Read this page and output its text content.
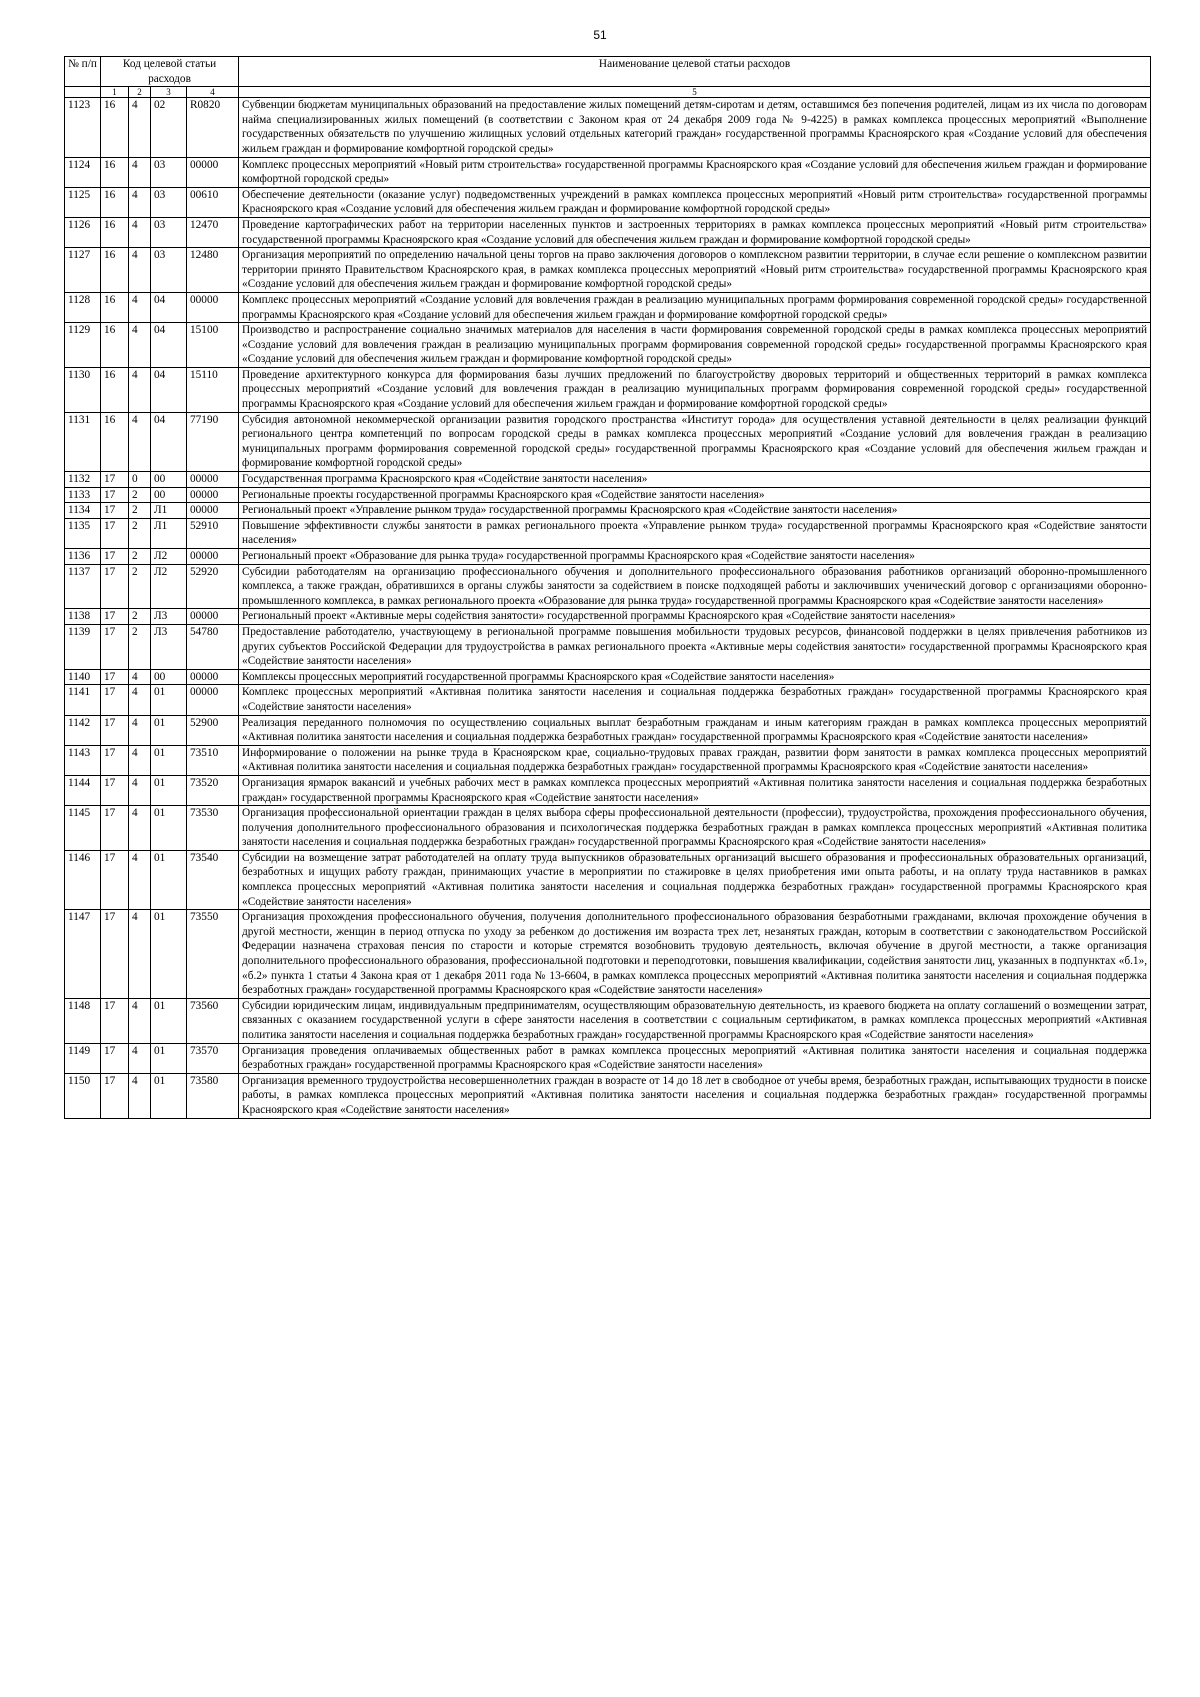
51
№ п/п	Код целевой статьи расходов				Наименование целевой статьи расходов

	1	2	3	4	5
1123	16	4	02	R0820	Субвенции бюджетам муниципальных образований на предоставление жилых помещений детям-сиротам и детям, оставшимся без попечения родителей, лицам из их числа по договорам найма специализированных жилых помещений (в соответствии с Законом края от 24 декабря 2009 года № 9-4225) в рамках комплекса процессных мероприятий «Выполнение государственных обязательств по улучшению жилищных условий отдельных категорий граждан» государственной программы Красноярского края «Создание условий для обеспечения жильем граждан и формирование комфортной городской среды»
1124	16	4	03	00000	Комплекс процессных мероприятий «Новый ритм строительства» государственной программы Красноярского края «Создание условий для обеспечения жильем граждан и формирование комфортной городской среды»
1125	16	4	03	00610	Обеспечение деятельности (оказание услуг) подведомственных учреждений в рамках комплекса процессных мероприятий «Новый ритм строительства» государственной программы Красноярского края «Создание условий для обеспечения жильем граждан и формирование комфортной городской среды»
1126	16	4	03	12470	Проведение картографических работ на территории населенных пунктов и застроенных территориях в рамках комплекса процессных мероприятий «Новый ритм строительства» государственной программы Красноярского края «Создание условий для обеспечения жильем граждан и формирование комфортной городской среды»
1127	16	4	03	12480	Организация мероприятий по определению начальной цены торгов на право заключения договоров о комплексном развитии территории, в случае если решение о комплексном развитии территории принято Правительством Красноярского края, в рамках комплекса процессных мероприятий «Новый ритм строительства» государственной программы Красноярского края «Создание условий для обеспечения жильем граждан и формирование комфортной городской среды»
1128	16	4	04	00000	Комплекс процессных мероприятий «Создание условий для вовлечения граждан в реализацию муниципальных программ формирования современной городской среды» государственной программы Красноярского края «Создание условий для обеспечения жильем граждан и формирование комфортной городской среды»
1129	16	4	04	15100	Производство и распространение социально значимых материалов для населения в части формирования современной городской среды в рамках комплекса процессных мероприятий «Создание условий для вовлечения граждан в реализацию муниципальных программ формирования современной городской среды» государственной программы Красноярского края «Создание условий для обеспечения жильем граждан и формирование комфортной городской среды»
1130	16	4	04	15110	Проведение архитектурного конкурса для формирования базы лучших предложений по благоустройству дворовых территорий и общественных территорий в рамках комплекса процессных мероприятий «Создание условий для вовлечения граждан в реализацию муниципальных программ формирования современной городской среды» государственной программы Красноярского края «Создание условий для обеспечения жильем граждан и формирование комфортной городской среды»
1131	16	4	04	77190	Субсидия автономной некоммерческой организации развития городского пространства «Институт города» для осуществления уставной деятельности в целях реализации функций регионального центра компетенций по вопросам городской среды в рамках комплекса процессных мероприятий «Создание условий для вовлечения граждан в реализацию муниципальных программ формирования современной городской среды» государственной программы Красноярского края «Создание условий для обеспечения жильем граждан и формирование комфортной городской среды»
1132	17	0	00	00000	Государственная программа Красноярского края «Содействие занятости населения»
1133	17	2	00	00000	Региональные проекты государственной программы Красноярского края «Содействие занятости населения»
1134	17	2	Л1	00000	Региональный проект «Управление рынком труда» государственной программы Красноярского края «Содействие занятости населения»
1135	17	2	Л1	52910	Повышение эффективности службы занятости в рамках регионального проекта «Управление рынком труда» государственной программы Красноярского края «Содействие занятости населения»
1136	17	2	Л2	00000	Региональный проект «Образование для рынка труда» государственной программы Красноярского края «Содействие занятости населения»
1137	17	2	Л2	52920	Субсидии работодателям на организацию профессионального обучения и дополнительного профессионального образования работников организаций оборонно-промышленного комплекса, а также граждан, обратившихся в органы службы занятости за содействием в поиске подходящей работы и заключивших ученический договор с организациями оборонно-промышленного комплекса, в рамках регионального проекта «Образование для рынка труда» государственной программы Красноярского края «Содействие занятости населения»
1138	17	2	Л3	00000	Региональный проект «Активные меры содействия занятости» государственной программы Красноярского края «Содействие занятости населения»
1139	17	2	Л3	54780	Предоставление работодателю, участвующему в региональной программе повышения мобильности трудовых ресурсов, финансовой поддержки в целях привлечения работников из других субъектов Российской Федерации для трудоустройства в рамках регионального проекта «Активные меры содействия занятости» государственной программы Красноярского края «Содействие занятости населения»
1140	17	4	00	00000	Комплексы процессных мероприятий государственной программы Красноярского края «Содействие занятости населения»
1141	17	4	01	00000	Комплекс процессных мероприятий «Активная политика занятости населения и социальная поддержка безработных граждан» государственной программы Красноярского края «Содействие занятости населения»
1142	17	4	01	52900	Реализация переданного полномочия по осуществлению социальных выплат безработным гражданам и иным категориям граждан в рамках комплекса процессных мероприятий «Активная политика занятости населения и социальная поддержка безработных граждан» государственной программы Красноярского края «Содействие занятости населения»
1143	17	4	01	73510	Информирование о положении на рынке труда в Красноярском крае, социально-трудовых правах граждан, развитии форм занятости в рамках комплекса процессных мероприятий «Активная политика занятости населения и социальная поддержка безработных граждан» государственной программы Красноярского края «Содействие занятости населения»
1144	17	4	01	73520	Организация ярмарок вакансий и учебных рабочих мест в рамках комплекса процессных мероприятий «Активная политика занятости населения и социальная поддержка безработных граждан» государственной программы Красноярского края «Содействие занятости населения»
1145	17	4	01	73530	Организация профессиональной ориентации граждан в целях выбора сферы профессиональной деятельности (профессии), трудоустройства, прохождения профессионального обучения, получения дополнительного профессионального образования и психологическая поддержка безработных граждан в рамках комплекса процессных мероприятий «Активная политика занятости населения и социальная поддержка безработных граждан» государственной программы Красноярского края «Содействие занятости населения»
1146	17	4	01	73540	Субсидии на возмещение затрат работодателей на оплату труда выпускников образовательных организаций высшего образования и профессиональных образовательных организаций, безработных и ищущих работу граждан, принимающих участие в мероприятии по стажировке в целях приобретения ими опыта работы, и на оплату труда наставников в рамках комплекса процессных мероприятий «Активная политика занятости населения и социальная поддержка безработных граждан» государственной программы Красноярского края «Содействие занятости населения»
1147	17	4	01	73550	Организация прохождения профессионального обучения, получения дополнительного профессионального образования безработными гражданами, включая прохождение обучения в другой местности, женщин в период отпуска по уходу за ребенком до достижения им возраста трех лет, незанятых граждан, которым в соответствии с законодательством Российской Федерации назначена страховая пенсия по старости и которые стремятся возобновить трудовую деятельность, включая обучение в другой местности, а также организация дополнительного профессионального образования, профессиональной подготовки и переподготовки, повышения квалификации, содействия занятости лиц, указанных в подпунктах «б.1», «б.2» пункта 1 статьи 4 Закона края от 1 декабря 2011 года № 13-6604, в рамках комплекса процессных мероприятий «Активная политика занятости населения и социальная поддержка безработных граждан» государственной программы Красноярского края «Содействие занятости населения»
1148	17	4	01	73560	Субсидии юридическим лицам, индивидуальным предпринимателям, осуществляющим образовательную деятельность, из краевого бюджета на оплату соглашений о возмещении затрат, связанных с оказанием государственной услуги в сфере занятости населения в соответствии с социальным сертификатом, в рамках комплекса процессных мероприятий «Активная политика занятости населения и социальная поддержка безработных граждан» государственной программы Красноярского края «Содействие занятости населения»
1149	17	4	01	73570	Организация проведения оплачиваемых общественных работ в рамках комплекса процессных мероприятий «Активная политика занятости населения и социальная поддержка безработных граждан» государственной программы Красноярского края «Содействие занятости населения»
1150	17	4	01	73580	Организация временного трудоустройства несовершеннолетних граждан в возрасте от 14 до 18 лет в свободное от учебы время, безработных граждан, испытывающих трудности в поиске работы, в рамках комплекса процессных мероприятий «Активная политика занятости населения и социальная поддержка безработных граждан» государственной программы Красноярского края «Содействие занятости населения»
